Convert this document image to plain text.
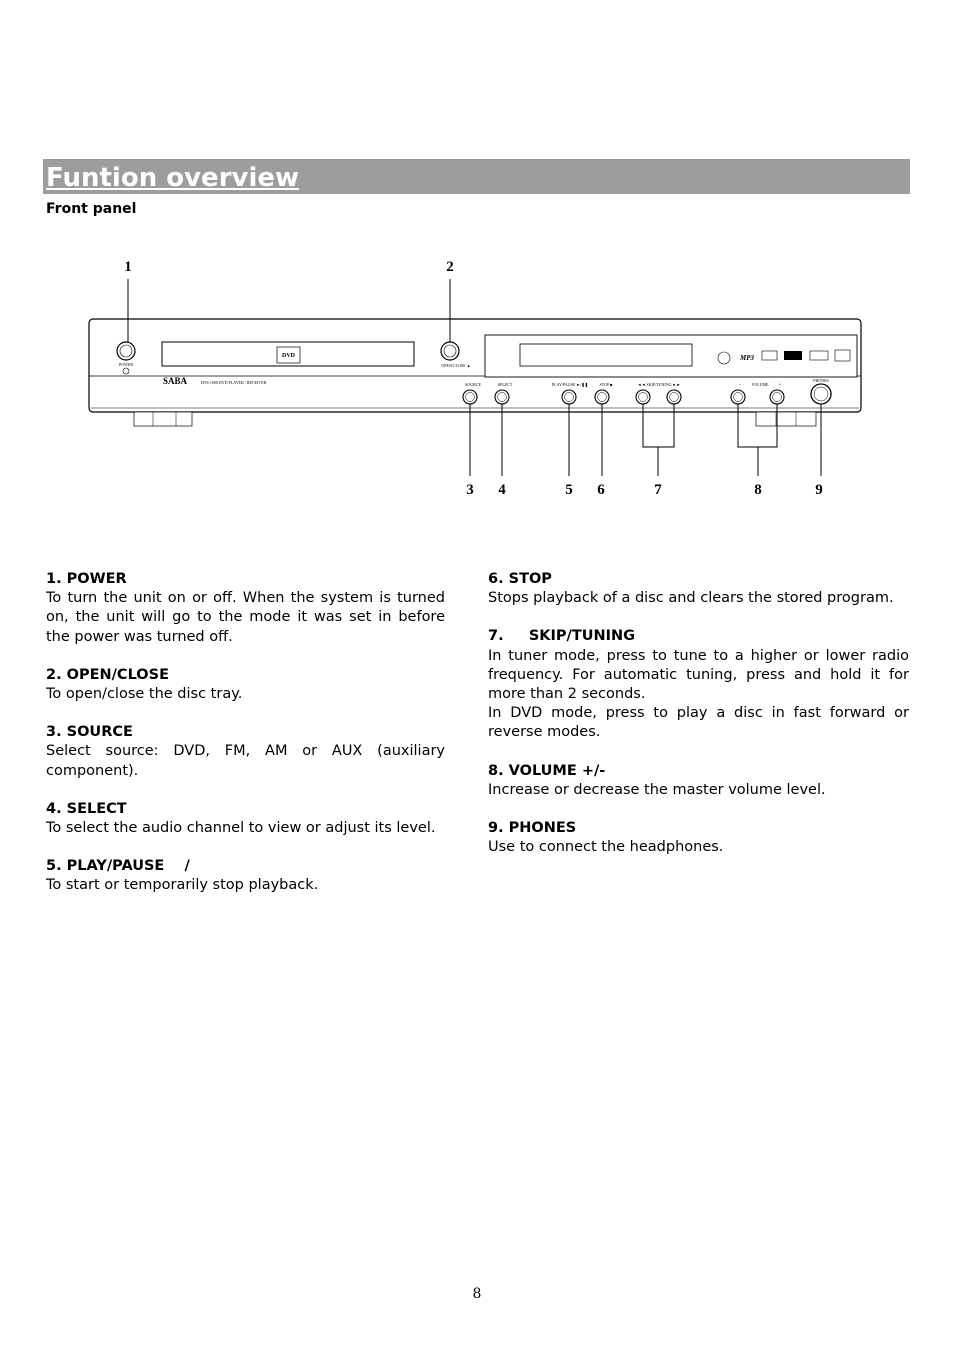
Funtion overview
Front panel
1	2
POWER
DVD
SABA	HTS-1000 DVD PLAYER / RECEIVER
OPEN/CLOSE ▲
MP3
SOURCE	SELECT	PLAY/PAUSE ►/❚❚	STOP ■	◄◄ SKIP/TUNING ►►	-	VOLUME +
PHONES
3 4	5 6	7	8	9
1. POWER

To turn the unit on or off. When the system is turned on, the unit will go to the mode it was set in before the power was turned off.

2. OPEN/CLOSE

To open/close the disc tray.

3. SOURCE

Select source: DVD, FM, AM or AUX (auxiliary component).

4. SELECT

To select the audio channel to view or adjust its level.

5. PLAY/PAUSE    /

To start or temporarily stop playback.

6. STOP

Stops playback of a disc and clears the stored program.

7.     SKIP/TUNING

In tuner mode, press to tune to a higher or lower radio frequency. For automatic tuning, press and hold it for more than 2 seconds.

In DVD mode, press to play a disc in fast forward or reverse modes.

8. VOLUME +/-

Increase or decrease the master volume level.

9. PHONES

Use to connect the headphones.

8
